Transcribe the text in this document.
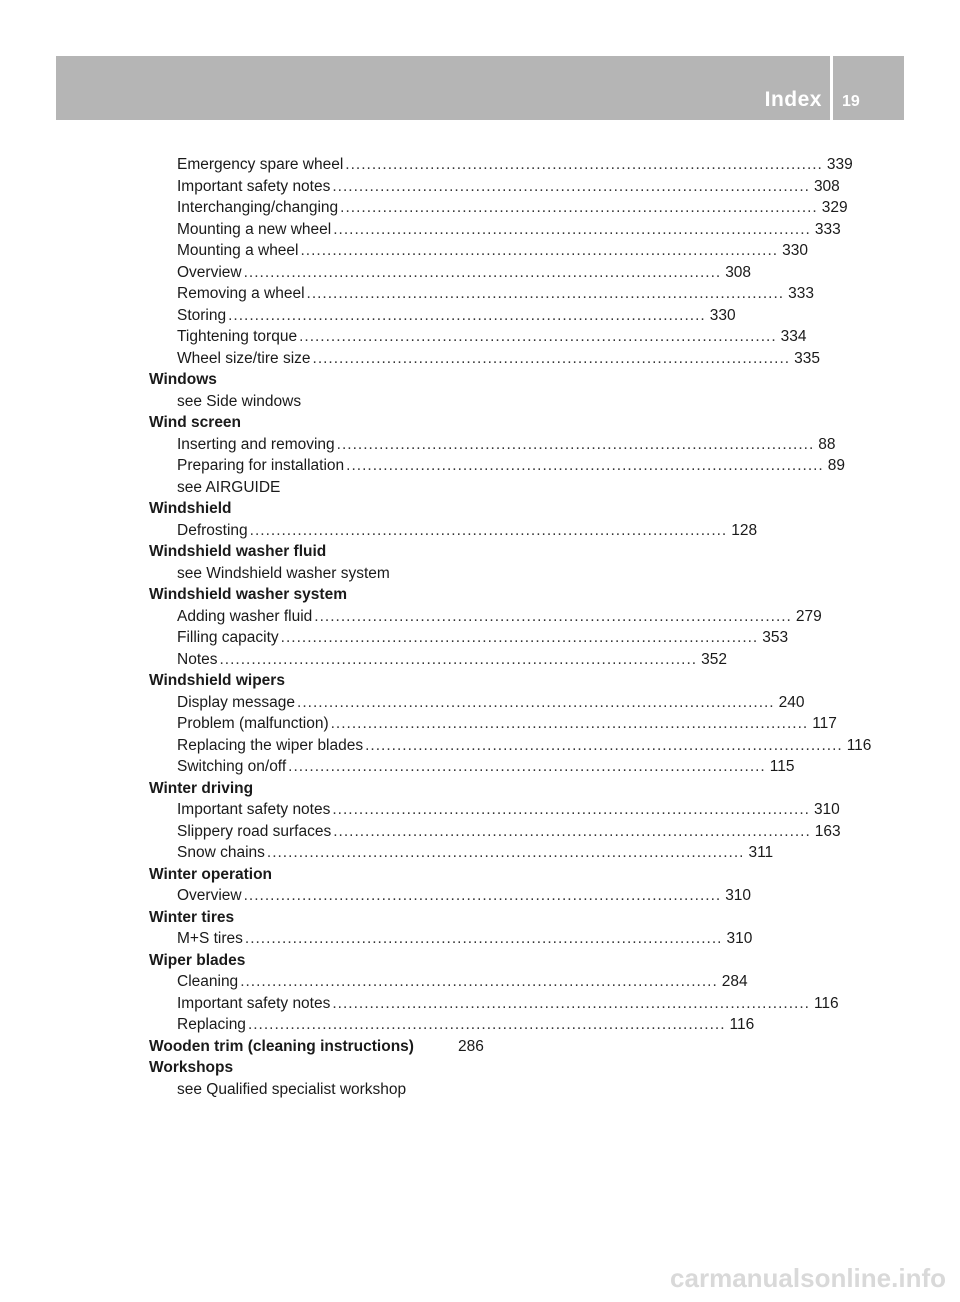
Index 19
Emergency spare wheel .......................................................................................... 339
Important safety notes .......................................................................................... 308
Interchanging/changing .......................................................................................... 329
Mounting a new wheel .......................................................................................... 333
Mounting a wheel .......................................................................................... 330
Overview .......................................................................................... 308
Removing a wheel .......................................................................................... 333
Storing .......................................................................................... 330
Tightening torque .......................................................................................... 334
Wheel size/tire size .......................................................................................... 335
Windows
see Side windows
Wind screen
Inserting and removing .......................................................................................... 88
Preparing for installation .......................................................................................... 89
see AIRGUIDE
Windshield
Defrosting .......................................................................................... 128
Windshield washer fluid
see Windshield washer system
Windshield washer system
Adding washer fluid .......................................................................................... 279
Filling capacity .......................................................................................... 353
Notes .......................................................................................... 352
Windshield wipers
Display message .......................................................................................... 240
Problem (malfunction) .......................................................................................... 117
Replacing the wiper blades .......................................................................................... 116
Switching on/off .......................................................................................... 115
Winter driving
Important safety notes .......................................................................................... 310
Slippery road surfaces .......................................................................................... 163
Snow chains .......................................................................................... 311
Winter operation
Overview .......................................................................................... 310
Winter tires
M+S tires .......................................................................................... 310
Wiper blades
Cleaning .......................................................................................... 284
Important safety notes .......................................................................................... 116
Replacing .......................................................................................... 116
Wooden trim (cleaning instructions)	286
Workshops
see Qualified specialist workshop
carmanualsonline.info
